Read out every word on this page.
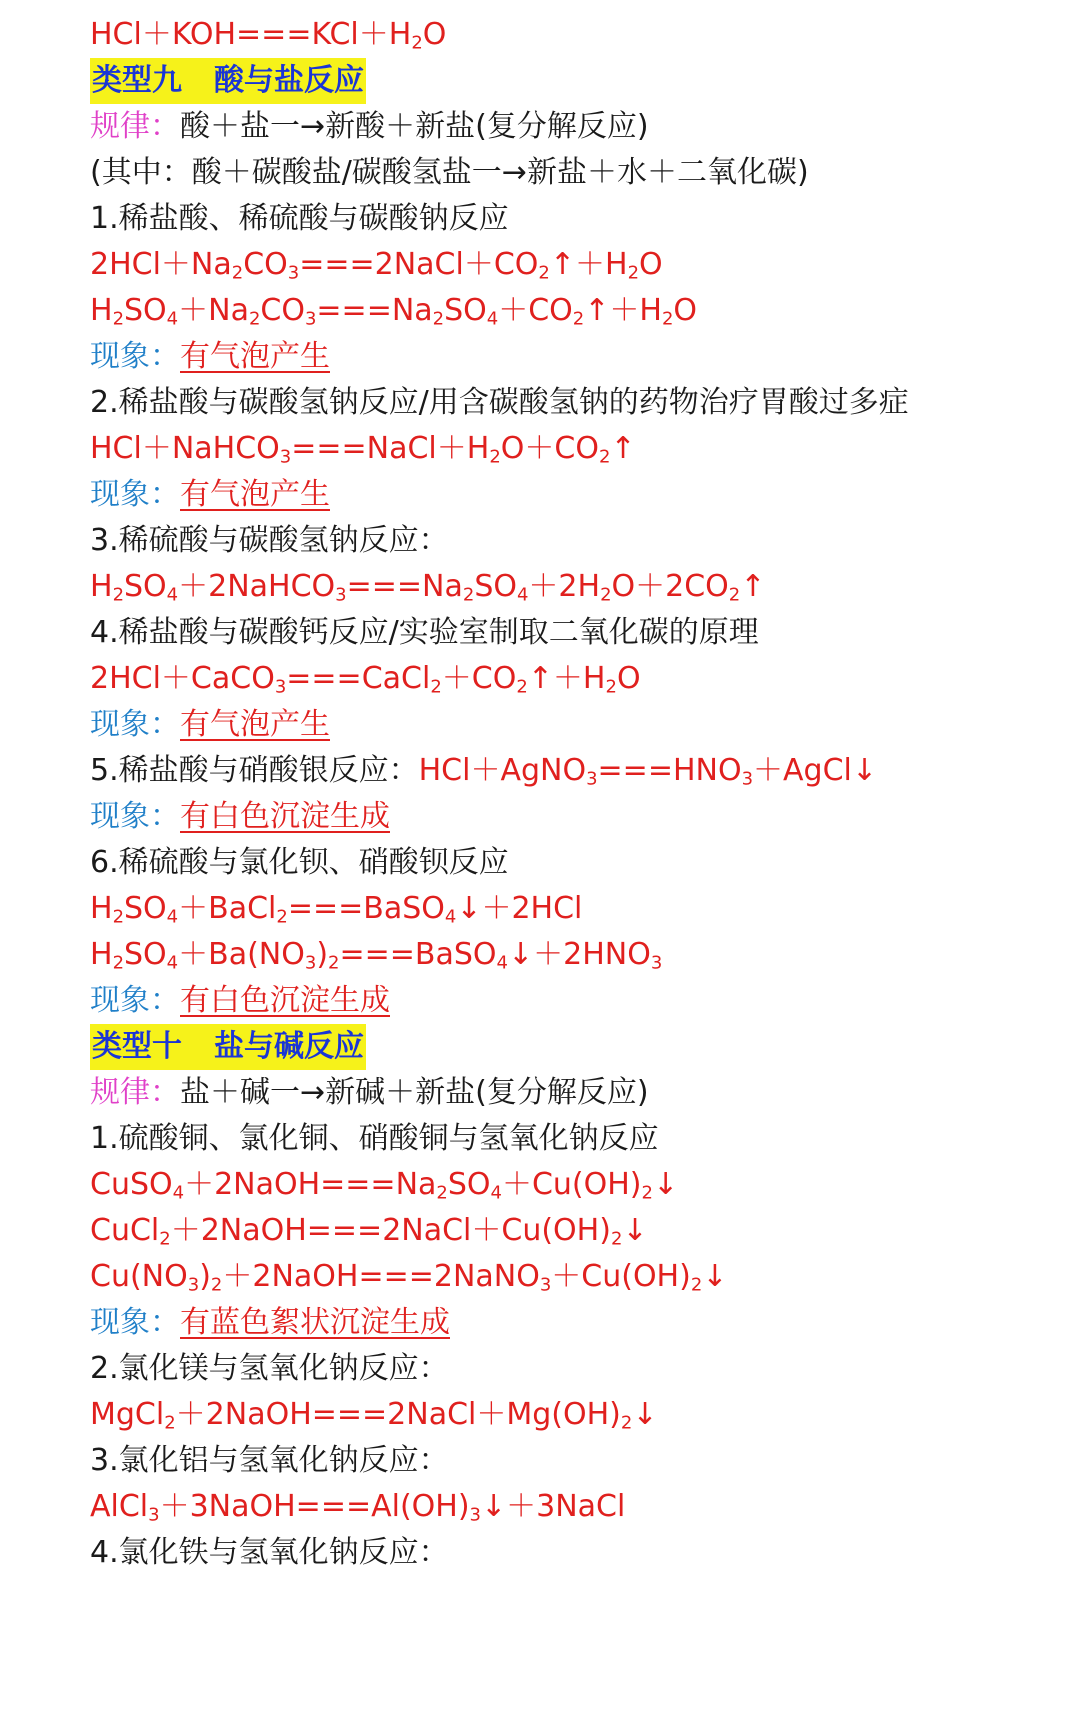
$HCl+KOH===KCl+H_2O$
类型九 酸与盐反应
规律：酸＋盐一→新酸＋新盐(复分解反应)
(其中：酸＋碳酸盐/碳酸氢盐一→新盐＋水＋二氧化碳)
1.稀盐酸、稀硫酸与碳酸钠反应
$2HCl+Na_2CO_3===2NaCl+CO_2↑+H_2O$
$H_2SO_4+Na_2CO_3===Na_2SO_4+CO_2↑+H_2O$
现象：有气泡产生
2.稀盐酸与碳酸氢钠反应/用含碳酸氢钠的药物治疗胃酸过多症
$HCl+NaHCO_3===NaCl+H_2O+CO_2↑$
现象：有气泡产生
3.稀硫酸与碳酸氢钠反应：
$H_2SO_4+2NaHCO_3===Na_2SO_4+2H_2O+2CO_2↑$
4.稀盐酸与碳酸钙反应/实验室制取二氧化碳的原理
$2HCl+CaCO_3===CaCl_2+CO_2↑+H_2O$
现象：有气泡产生
5.稀盐酸与硝酸银反应：$HCl+AgNO_3===HNO_3+AgCl↓$
现象：有白色沉淀生成
6.稀硫酸与氯化钡、硝酸钡反应
$H_2SO_4+BaCl_2===BaSO_4↓+2HCl$
$H_2SO_4+Ba(NO_3)_2===BaSO_4↓+2HNO_3$
现象：有白色沉淀生成
类型十 盐与碱反应
规律：盐＋碱一→新碱＋新盐(复分解反应)
1.硫酸铜、氯化铜、硝酸铜与氢氧化钠反应
$CuSO_4+2NaOH===Na_2SO_4+Cu(OH)_2↓$
$CuCl_2+2NaOH===2NaCl+Cu(OH)_2↓$
$Cu(NO_3)_2+2NaOH===2NaNO_3+Cu(OH)_2↓$
现象：有蓝色絮状沉淀生成
2.氯化镁与氢氧化钠反应：
$MgCl_2+2NaOH===2NaCl+Mg(OH)_2↓$
3.氯化铝与氢氧化钠反应：
$AlCl_3+3NaOH===Al(OH)_3↓+3NaCl$
4.氯化铁与氢氧化钠反应：
